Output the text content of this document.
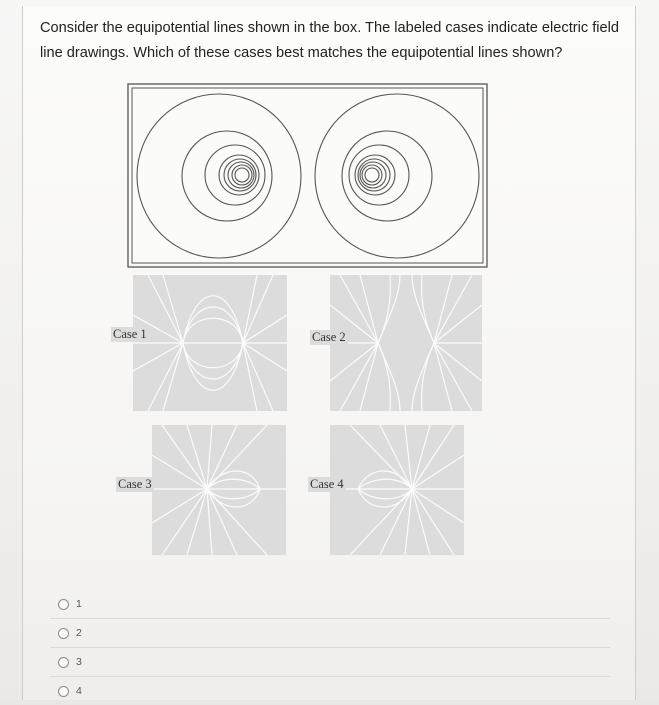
Consider the equipotential lines shown in the box. The labeled cases indicate electric field line drawings. Which of these cases best matches the equipotential lines shown?
Case 1	Case 2
Case 3	Case 4
1
2
3
4
